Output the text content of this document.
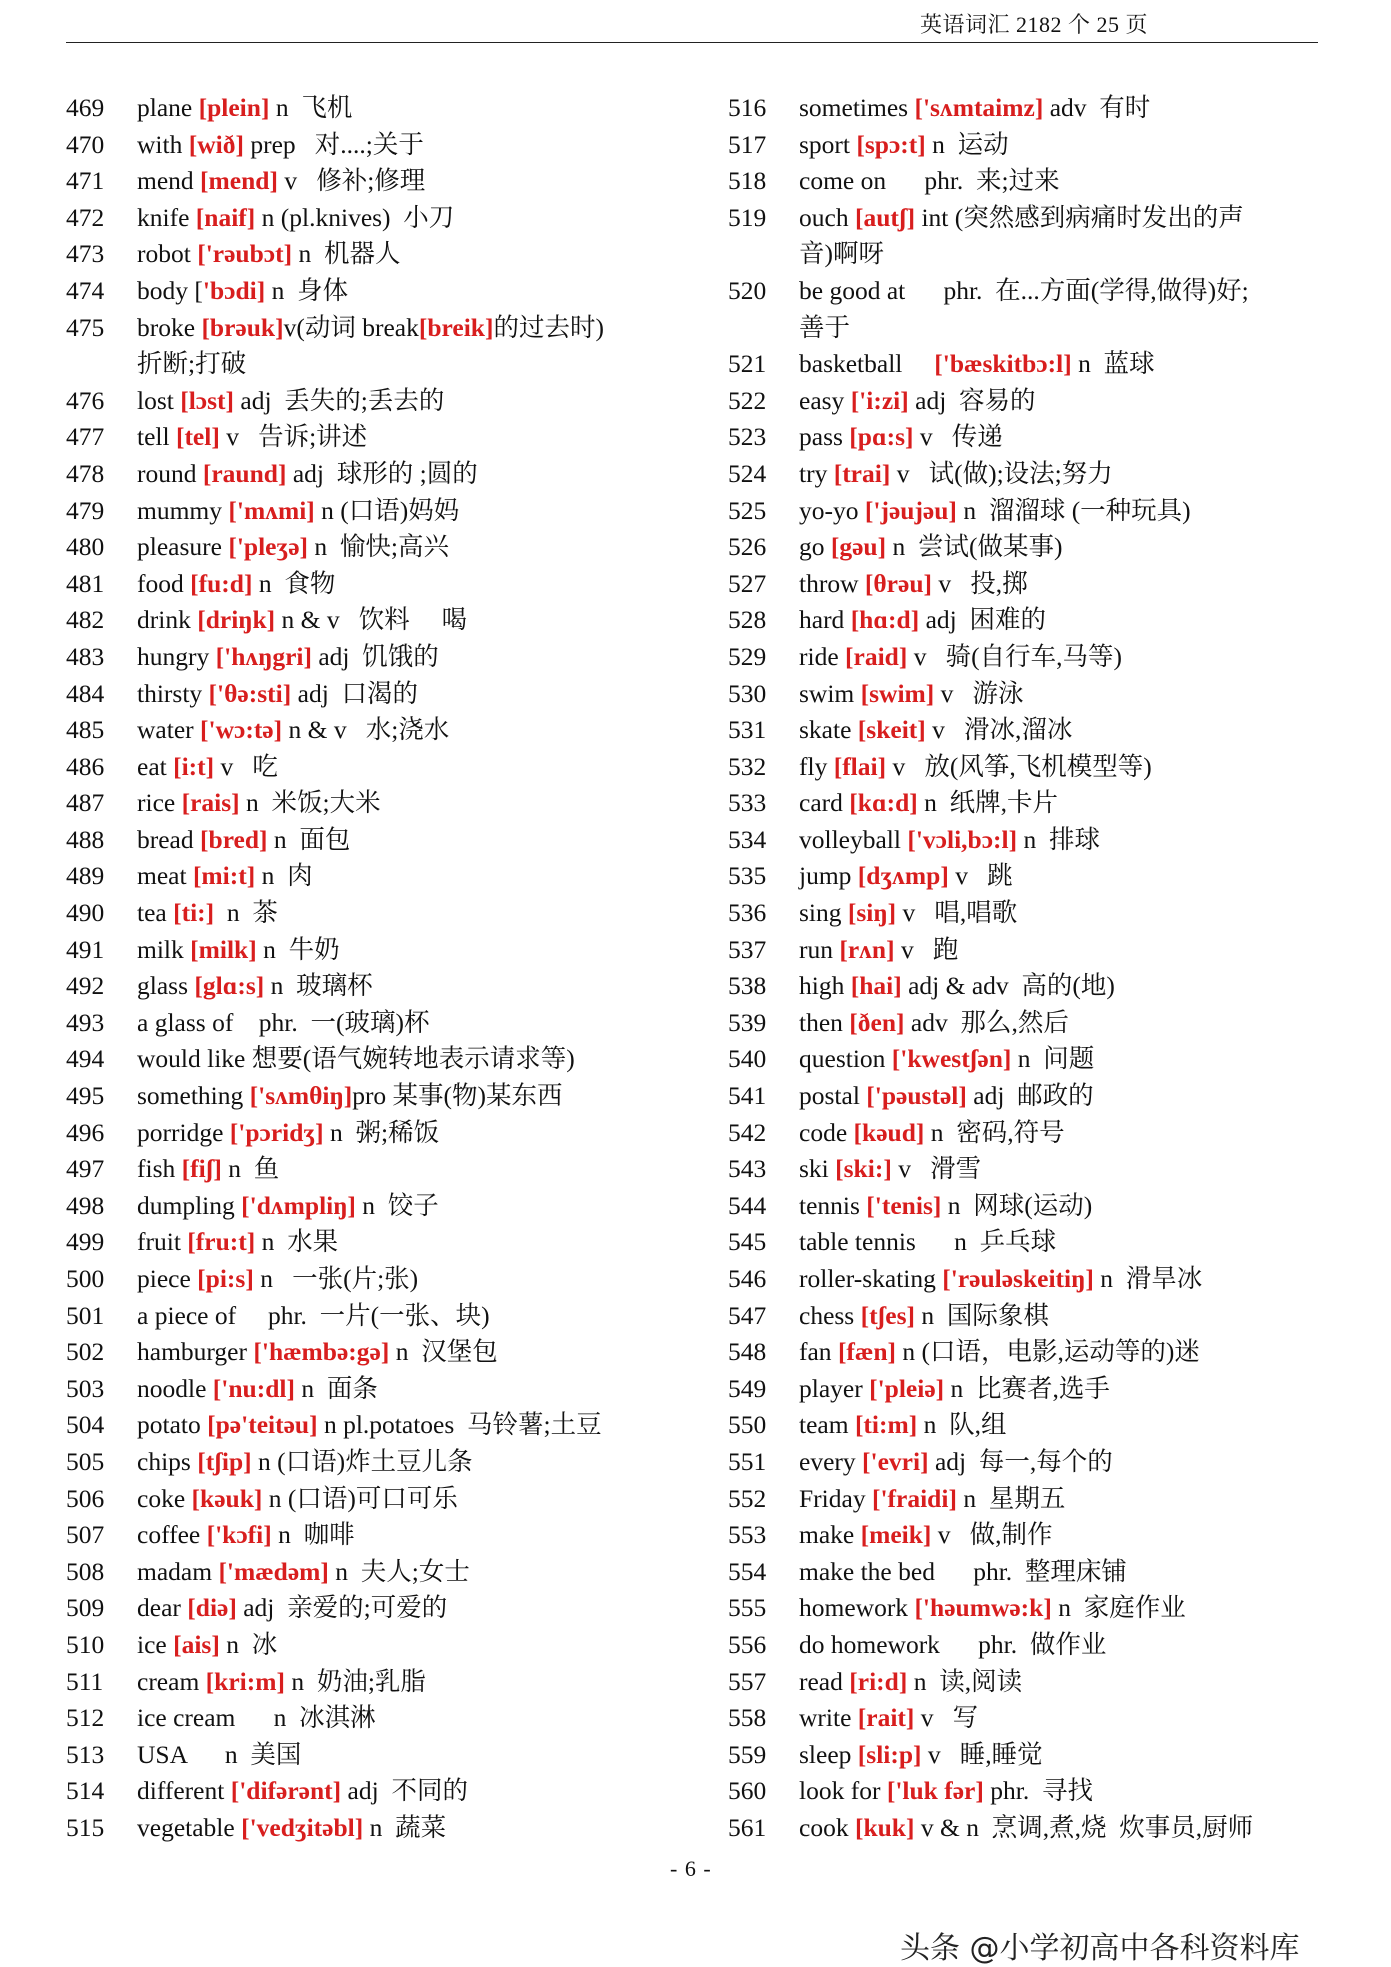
英语词汇 2182 个 25 页
469	plane [plein] n  飞机
470	with [wið] prep   对....;关于
471	mend [mend] v   修补;修理
472	knife [naif] n (pl.knives)  小刀
473	robot ['rəubɔt] n  机器人
474	body ['bɔdi] n  身体
475	broke [brəuk]v(动词 break[breik]的过去时)
折断;打破
476	lost [lɔst] adj  丢失的;丢去的
477	tell [tel] v   告诉;讲述
478	round [raund] adj  球形的 ;圆的
479	mummy ['mʌmi] n (口语)妈妈
480	pleasure ['pleʒə] n  愉快;高兴
481	food [fu:d] n  食物
482	drink [driŋk] n & v   饮料     喝
483	hungry ['hʌŋgri] adj  饥饿的
484	thirsty ['θə:sti] adj  口渴的
485	water ['wɔ:tə] n & v   水;浇水
486	eat [i:t] v   吃
487	rice [rais] n  米饭;大米
488	bread [bred] n  面包
489	meat [mi:t] n  肉
490	tea [ti:]  n  茶
491	milk [milk] n  牛奶
492	glass [glɑ:s] n  玻璃杯
493	a glass of    phr.  一(玻璃)杯
494	would like 想要(语气婉转地表示请求等)
495	something ['sʌmθiŋ]pro 某事(物)某东西
496	porridge ['pɔridʒ] n  粥;稀饭
497	fish [fiʃ] n  鱼
498	dumpling ['dʌmpliŋ] n  饺子
499	fruit [fru:t] n  水果
500	piece [pi:s] n   一张(片;张)
501	a piece of     phr.  一片(一张、块)
502	hamburger ['hæmbə:gə] n  汉堡包
503	noodle ['nu:dl] n  面条
504	potato [pə'teitəu] n pl.potatoes  马铃薯;土豆
505	chips [tʃip] n (口语)炸土豆儿条
506	coke [kəuk] n (口语)可口可乐
507	coffee ['kɔfi] n  咖啡
508	madam ['mædəm] n  夫人;女士
509	dear [diə] adj  亲爱的;可爱的
510	ice [ais] n  冰
511	cream [kri:m] n  奶油;乳脂
512	ice cream      n  冰淇淋
513	USA      n  美国
514	different ['difərənt] adj  不同的
515	vegetable ['vedʒitəbl] n  蔬菜
516	sometimes ['sʌmtaimz] adv  有时
517	sport [spɔ:t] n  运动
518	come on      phr.  来;过来
519	ouch [autʃ] int (突然感到病痛时发出的声
音)啊呀
520	be good at      phr.  在...方面(学得,做得)好;
善于
521	basketball     ['bæskitbɔ:l] n  蓝球
522	easy ['i:zi] adj  容易的
523	pass [pɑ:s] v   传递
524	try [trai] v   试(做);设法;努力
525	yo-yo ['jəujəu] n  溜溜球 (一种玩具)
526	go [gəu] n  尝试(做某事)
527	throw [θrəu] v   投,掷
528	hard [hɑ:d] adj  困难的
529	ride [raid] v   骑(自行车,马等)
530	swim [swim] v   游泳
531	skate [skeit] v   滑冰,溜冰
532	fly [flai] v   放(风筝,飞机模型等)
533	card [kɑ:d] n  纸牌,卡片
534	volleyball ['vɔli,bɔ:l] n  排球
535	jump [dʒʌmp] v   跳
536	sing [siŋ] v   唱,唱歌
537	run [rʌn] v   跑
538	high [hai] adj & adv  高的(地)
539	then [ðen] adv  那么,然后
540	question ['kwestʃən] n  问题
541	postal ['pəustəl] adj  邮政的
542	code [kəud] n  密码,符号
543	ski [ski:] v   滑雪
544	tennis ['tenis] n  网球(运动)
545	table tennis      n  乒乓球
546	roller-skating ['rəuləskeitiŋ] n  滑旱冰
547	chess [tʃes] n  国际象棋
548	fan [fæn] n (口语，电影,运动等的)迷
549	player ['pleiə] n  比赛者,选手
550	team [ti:m] n  队,组
551	every ['evri] adj  每一,每个的
552	Friday ['fraidi] n  星期五
553	make [meik] v   做,制作
554	make the bed      phr.  整理床铺
555	homework ['həumwə:k] n  家庭作业
556	do homework      phr.  做作业
557	read [ri:d] n  读,阅读
558	write [rait] v   写
559	sleep [sli:p] v   睡,睡觉
560	look for ['luk fər] phr.  寻找
561	cook [kuk] v & n  烹调,煮,烧  炊事员,厨师
- 6 -
头条 @小学初高中各科资料库
